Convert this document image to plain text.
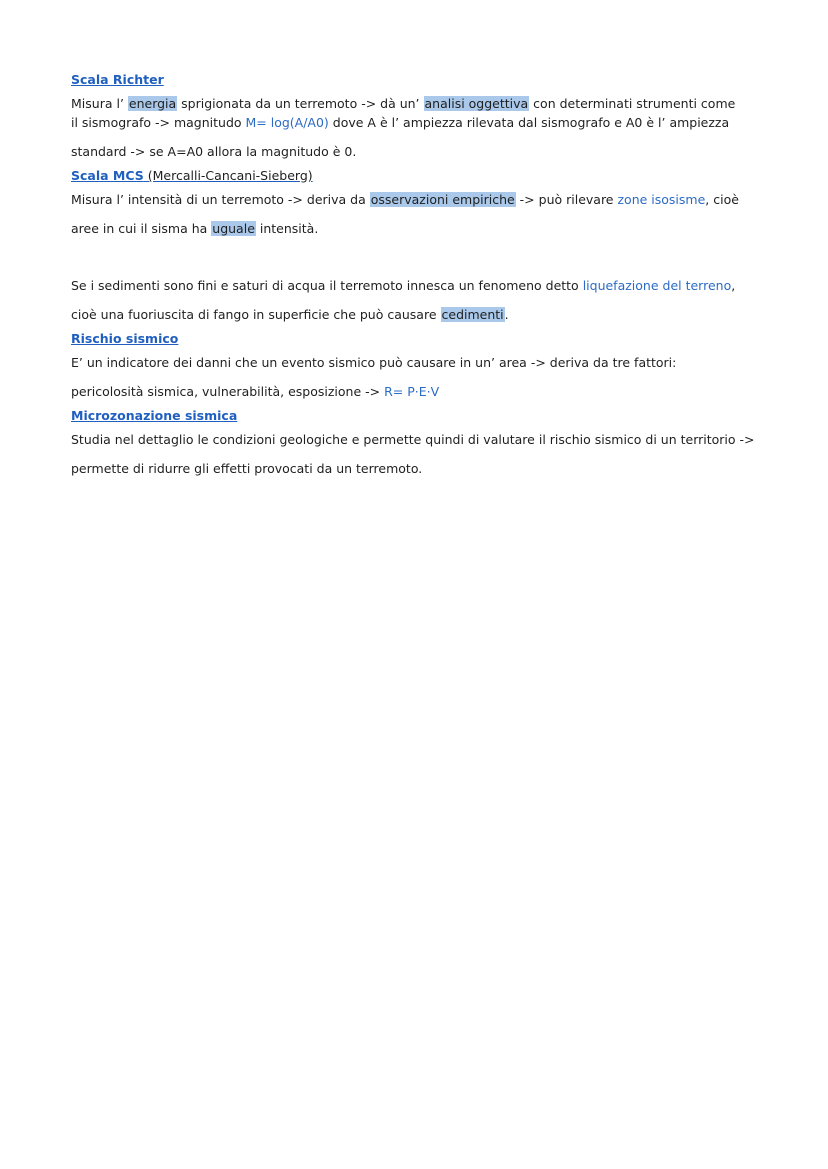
Scala Richter
Misura l’ energia sprigionata da un terremoto -> dà un’ analisi oggettiva con determinati strumenti come
il sismografo -> magnitudo M= log(A/A0) dove A è l’ ampiezza rilevata dal sismografo e A0 è l’ ampiezza
standard -> se A=A0 allora la magnitudo è 0.
Scala MCS (Mercalli-Cancani-Sieberg)
Misura l’ intensità di un terremoto -> deriva da osservazioni empiriche -> può rilevare zone isosisme, cioè
aree in cui il sisma ha uguale intensità.
Se i sedimenti sono fini e saturi di acqua il terremoto innesca un fenomeno detto liquefazione del terreno,
cioè una fuoriuscita di fango in superficie che può causare cedimenti.
Rischio sismico
E’ un indicatore dei danni che un evento sismico può causare in un’ area -> deriva da tre fattori:
pericolosità sismica, vulnerabilità, esposizione -> R= P·E·V
Microzonazione sismica
Studia nel dettaglio le condizioni geologiche e permette quindi di valutare il rischio sismico di un territorio ->
permette di ridurre gli effetti provocati da un terremoto.
